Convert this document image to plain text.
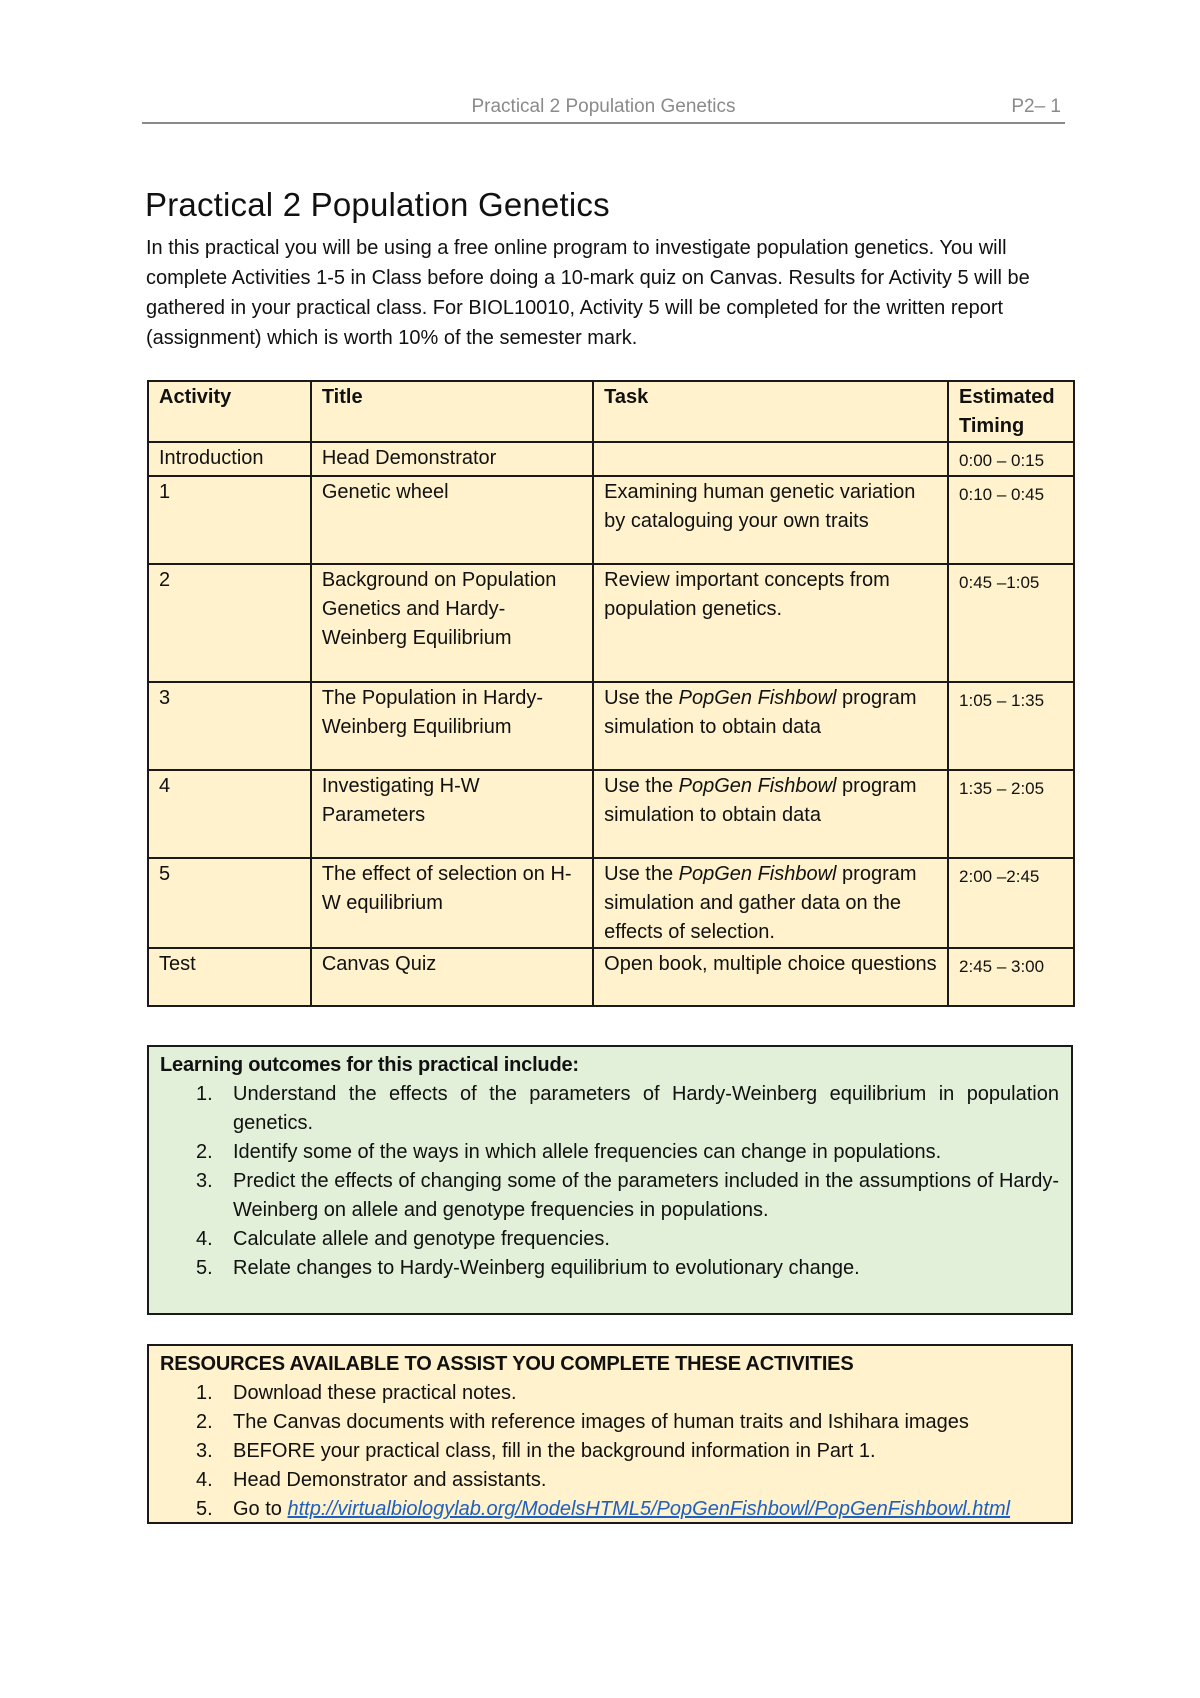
Practical 2 Population Genetics	P2– 1
Practical 2 Population Genetics

In this practical you will be using a free online program to investigate population genetics. You will complete Activities 1-5 in Class before doing a 10-mark quiz on Canvas. Results for Activity 5 will be gathered in your practical class. For BIOL10010, Activity 5 will be completed for the written report (assignment) which is worth 10% of the semester mark.

Activity	Title	Task	Estimated Timing
Introduction	Head Demonstrator		0:00 – 0:15
1	Genetic wheel	Examining human genetic variation by cataloguing your own traits	0:10 – 0:45
2	Background on Population Genetics and Hardy-Weinberg Equilibrium	Review important concepts from population genetics.	0:45 –1:05
3	The Population in Hardy-Weinberg Equilibrium	Use the PopGen Fishbowl program simulation to obtain data	1:05 – 1:35
4	Investigating H-W Parameters	Use the PopGen Fishbowl program simulation to obtain data	1:35 – 2:05
5	The effect of selection on H-W equilibrium	Use the PopGen Fishbowl program simulation and gather data on the effects of selection.	2:00 –2:45
Test	Canvas Quiz	Open book, multiple choice questions	2:45 – 3:00
Learning outcomes for this practical include:
1. Understand the effects of the parameters of Hardy-Weinberg equilibrium in population genetics.
2. Identify some of the ways in which allele frequencies can change in populations.
3. Predict the effects of changing some of the parameters included in the assumptions of Hardy-Weinberg on allele and genotype frequencies in populations.
4. Calculate allele and genotype frequencies.
5. Relate changes to Hardy-Weinberg equilibrium to evolutionary change.
RESOURCES AVAILABLE TO ASSIST YOU COMPLETE THESE ACTIVITIES
1. Download these practical notes.
2. The Canvas documents with reference images of human traits and Ishihara images
3. BEFORE your practical class, fill in the background information in Part 1.
4. Head Demonstrator and assistants.
5. Go to http://virtualbiologylab.org/ModelsHTML5/PopGenFishbowl/PopGenFishbowl.html
